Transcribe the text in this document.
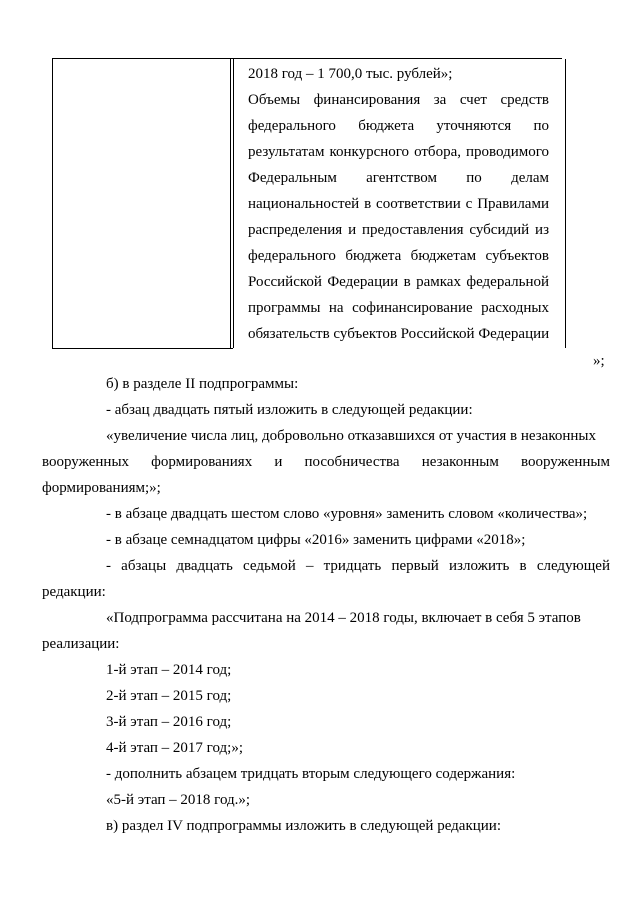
2018 год – 1 700,0 тыс. рублей»;
Объемы финансирования за счет средств
федерального бюджета уточняются по
результатам конкурсного отбора, проводимого
Федеральным агентством по делам
национальностей в соответствии с Правилами
распределения и предоставления субсидий из
федерального бюджета бюджетам субъектов
Российской Федерации в рамках федеральной
программы на софинансирование расходных
обязательств субъектов Российской Федерации
»;
б) в разделе II подпрограммы:
- абзац двадцать пятый изложить в следующей редакции:
«увеличение числа лиц, добровольно отказавшихся от участия в незаконных
вооруженных формированиях и пособничества незаконным вооруженным
формированиям;»;
- в абзаце двадцать шестом слово «уровня» заменить словом «количества»;
- в абзаце семнадцатом цифры «2016» заменить цифрами «2018»;
- абзацы двадцать седьмой – тридцать первый изложить в следующей
редакции:
«Подпрограмма рассчитана на 2014 – 2018 годы, включает в себя 5 этапов
реализации:
1-й этап – 2014 год;
2-й этап – 2015 год;
3-й этап – 2016 год;
4-й этап – 2017 год;»;
- дополнить абзацем тридцать вторым следующего содержания:
«5-й этап – 2018 год.»;
в) раздел IV подпрограммы изложить в следующей редакции:
